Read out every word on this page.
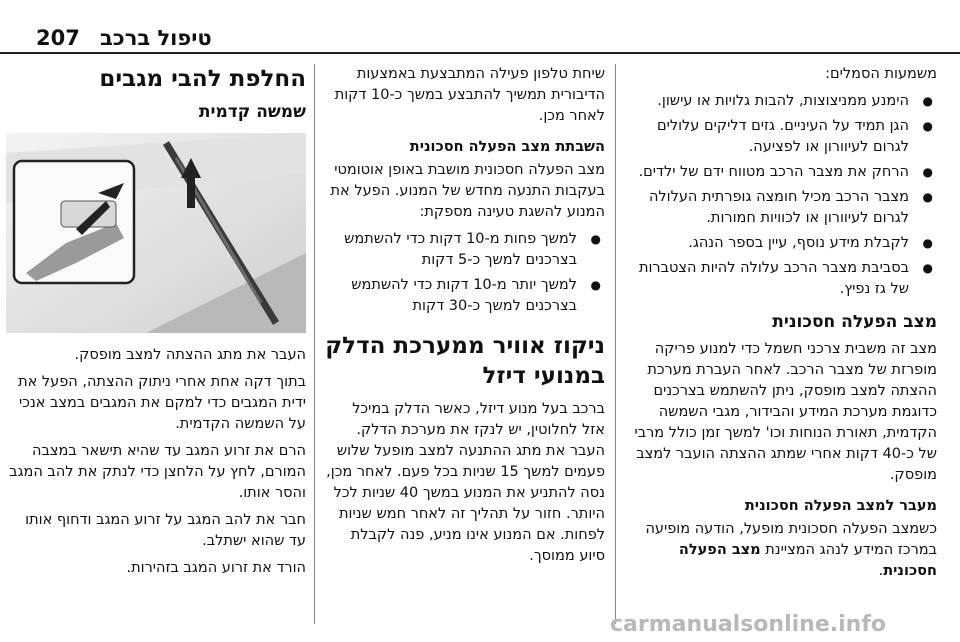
207 טיפול ברכב

משמעות הסמלים:

● הימנע ממניצוצות, להבות גלויות או עישון.
● הגן תמיד על העיניים. גזים דליקים עלולים לגרום לעיוורון או לפציעה.
● הרחק את מצבר הרכב מטווח ידם של ילדים.
● מצבר הרכב מכיל חומצה גופרתית העלולה לגרום לעיוורון או לכוויות חמורות.
● לקבלת מידע נוסף, עיין בספר הנהג.
● בסביבת מצבר הרכב עלולה להיות הצטברות של גז נפיץ.
מצב הפעלה חסכונית

מצב זה משבית צרכני חשמל כדי למנוע פריקה מופרזת של מצבר הרכב. לאחר העברת מערכת ההצתה למצב מופסק, ניתן להשתמש בצרכנים כדוגמת מערכת המידע והבידור, מגבי השמשה הקדמית, תאורת הנוחות וכו' למשך זמן כולל מרבי של כ-40 דקות אחרי שמתג ההצתה הועבר למצב מופסק.

מעבר למצב הפעלה חסכונית

כשמצב הפעלה חסכונית מופעל, הודעה מופיעה במרכז המידע לנהג המציינת מצב הפעלה חסכונית.

שיחת טלפון פעילה המתבצעת באמצעות הדיבורית תמשיך להתבצע במשך כ-10 דקות לאחר מכן.

השבתת מצב הפעלה חסכונית

מצב הפעלה חסכונית מושבת באופן אוטומטי בעקבות התנעה מחדש של המנוע. הפעל את המנוע להשגת טעינה מספקת:

● למשך פחות מ-10 דקות כדי להשתמש בצרכנים למשך כ-5 דקות
● למשך יותר מ-10 דקות כדי להשתמש בצרכנים למשך כ-30 דקות
ניקוז אוויר ממערכת הדלק במנועי דיזל

ברכב בעל מנוע דיזל, כאשר הדלק במיכל אזל לחלוטין, יש לנקז את מערכת הדלק. העבר את מתג ההתנעה למצב מופעל שלוש פעמים למשך 15 שניות בכל פעם. לאחר מכן, נסה להתניע את המנוע במשך 40 שניות לכל היותר. חזור על תהליך זה לאחר חמש שניות לפחות. אם המנוע אינו מניע, פנה לקבלת סיוע ממוסך.

החלפת להבי מגבים
שמשה קדמית

העבר את מתג ההצתה למצב מופסק.

בתוך דקה אחת אחרי ניתוק ההצתה, הפעל את ידית המגבים כדי למקם את המגבים במצב אנכי על השמשה הקדמית.

הרם את זרוע המגב עד שהיא תישאר במצבה המורם, לחץ על הלחצן כדי לנתק את להב המגב והסר אותו.

חבר את להב המגב על זרוע המגב ודחוף אותו עד שהוא ישתלב.

הורד את זרוע המגב בזהירות.

carmanualsonline.info
